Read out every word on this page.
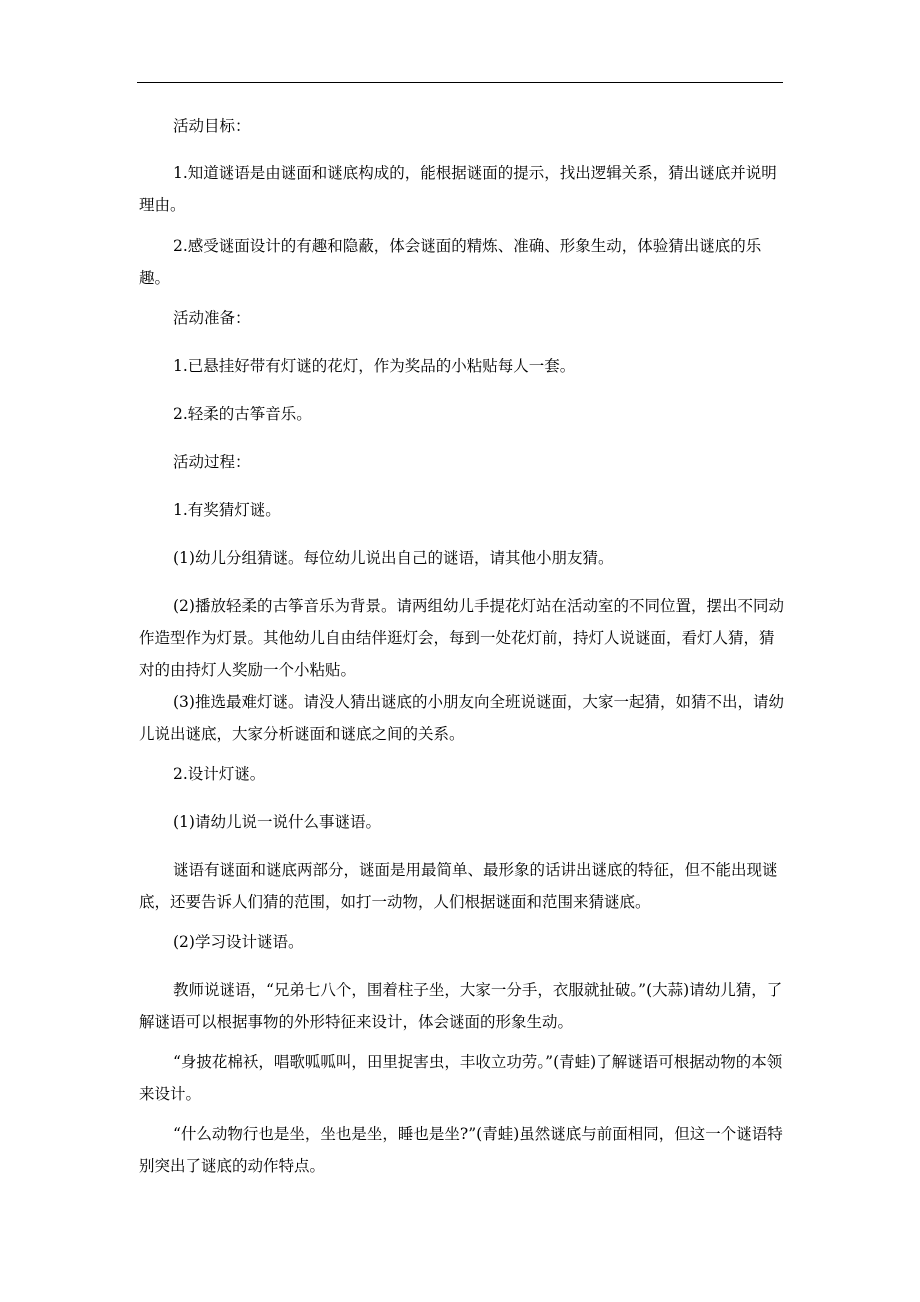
活动目标：

1.知道谜语是由谜面和谜底构成的，能根据谜面的提示，找出逻辑关系，猜出谜底并说明理由。

2.感受谜面设计的有趣和隐蔽，体会谜面的精炼、准确、形象生动，体验猜出谜底的乐趣。

活动准备：

1.已悬挂好带有灯谜的花灯，作为奖品的小粘贴每人一套。

2.轻柔的古筝音乐。

活动过程：

1.有奖猜灯谜。

(1)幼儿分组猜谜。每位幼儿说出自己的谜语，请其他小朋友猜。

(2)播放轻柔的古筝音乐为背景。请两组幼儿手提花灯站在活动室的不同位置，摆出不同动作造型作为灯景。其他幼儿自由结伴逛灯会，每到一处花灯前，持灯人说谜面，看灯人猜，猜对的由持灯人奖励一个小粘贴。

(3)推选最难灯谜。请没人猜出谜底的小朋友向全班说谜面，大家一起猜，如猜不出，请幼儿说出谜底，大家分析谜面和谜底之间的关系。

2.设计灯谜。

(1)请幼儿说一说什么事谜语。

谜语有谜面和谜底两部分，谜面是用最简单、最形象的话讲出谜底的特征，但不能出现谜底，还要告诉人们猜的范围，如打一动物，人们根据谜面和范围来猜谜底。

(2)学习设计谜语。

教师说谜语，“兄弟七八个，围着柱子坐，大家一分手，衣服就扯破。”(大蒜)请幼儿猜，了解谜语可以根据事物的外形特征来设计，体会谜面的形象生动。

“身披花棉袄，唱歌呱呱叫，田里捉害虫，丰收立功劳。”(青蛙)了解谜语可根据动物的本领来设计。

“什么动物行也是坐，坐也是坐，睡也是坐?”(青蛙)虽然谜底与前面相同，但这一个谜语特别突出了谜底的动作特点。
